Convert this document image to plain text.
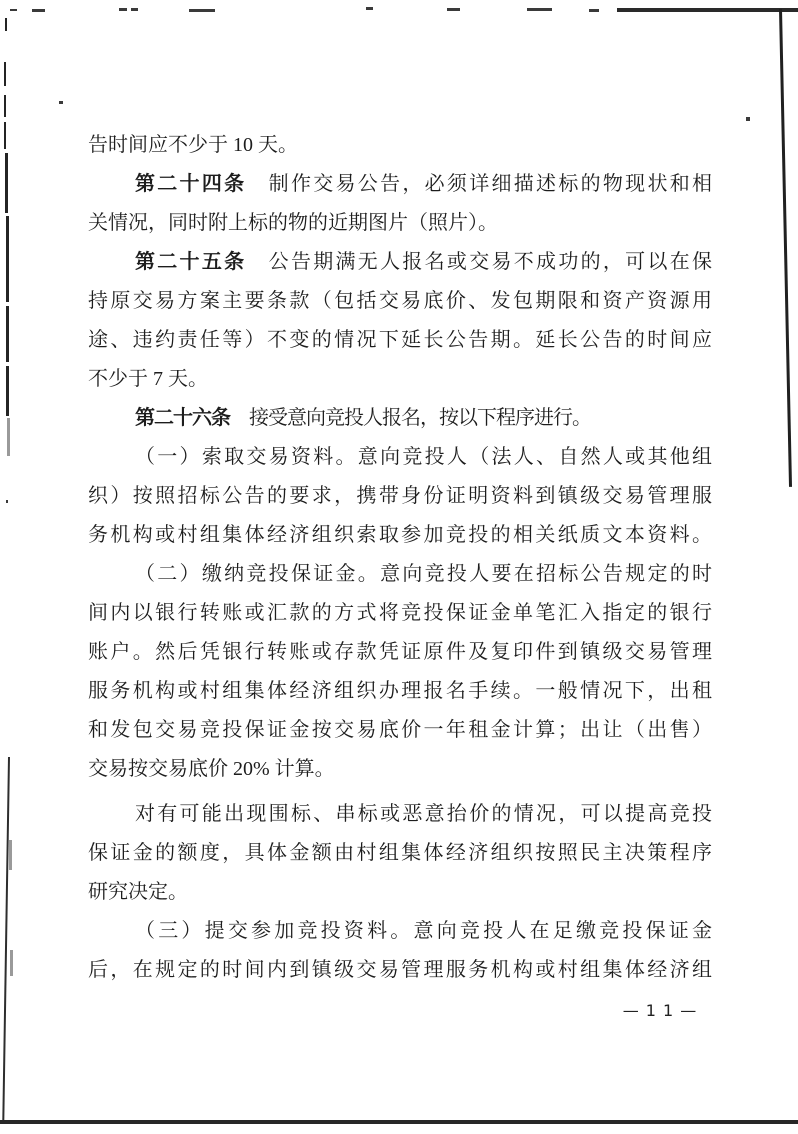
告时间应不少于 10 天。
第二十四条　制作交易公告，必须详细描述标的物现状和相
关情况，同时附上标的物的近期图片（照片）。
第二十五条　公告期满无人报名或交易不成功的，可以在保
持原交易方案主要条款（包括交易底价、发包期限和资产资源用
途、违约责任等）不变的情况下延长公告期。延长公告的时间应
不少于 7 天。
第二十六条　接受意向竞投人报名，按以下程序进行。
（一）索取交易资料。意向竞投人（法人、自然人或其他组
织）按照招标公告的要求，携带身份证明资料到镇级交易管理服
务机构或村组集体经济组织索取参加竞投的相关纸质文本资料。
（二）缴纳竞投保证金。意向竞投人要在招标公告规定的时
间内以银行转账或汇款的方式将竞投保证金单笔汇入指定的银行
账户。然后凭银行转账或存款凭证原件及复印件到镇级交易管理
服务机构或村组集体经济组织办理报名手续。一般情况下，出租
和发包交易竞投保证金按交易底价一年租金计算；出让（出售）
交易按交易底价 20% 计算。
对有可能出现围标、串标或恶意抬价的情况，可以提高竞投
保证金的额度，具体金额由村组集体经济组织按照民主决策程序
研究决定。
（三）提交参加竞投资料。意向竞投人在足缴竞投保证金
后，在规定的时间内到镇级交易管理服务机构或村组集体经济组
— 1 1 —
